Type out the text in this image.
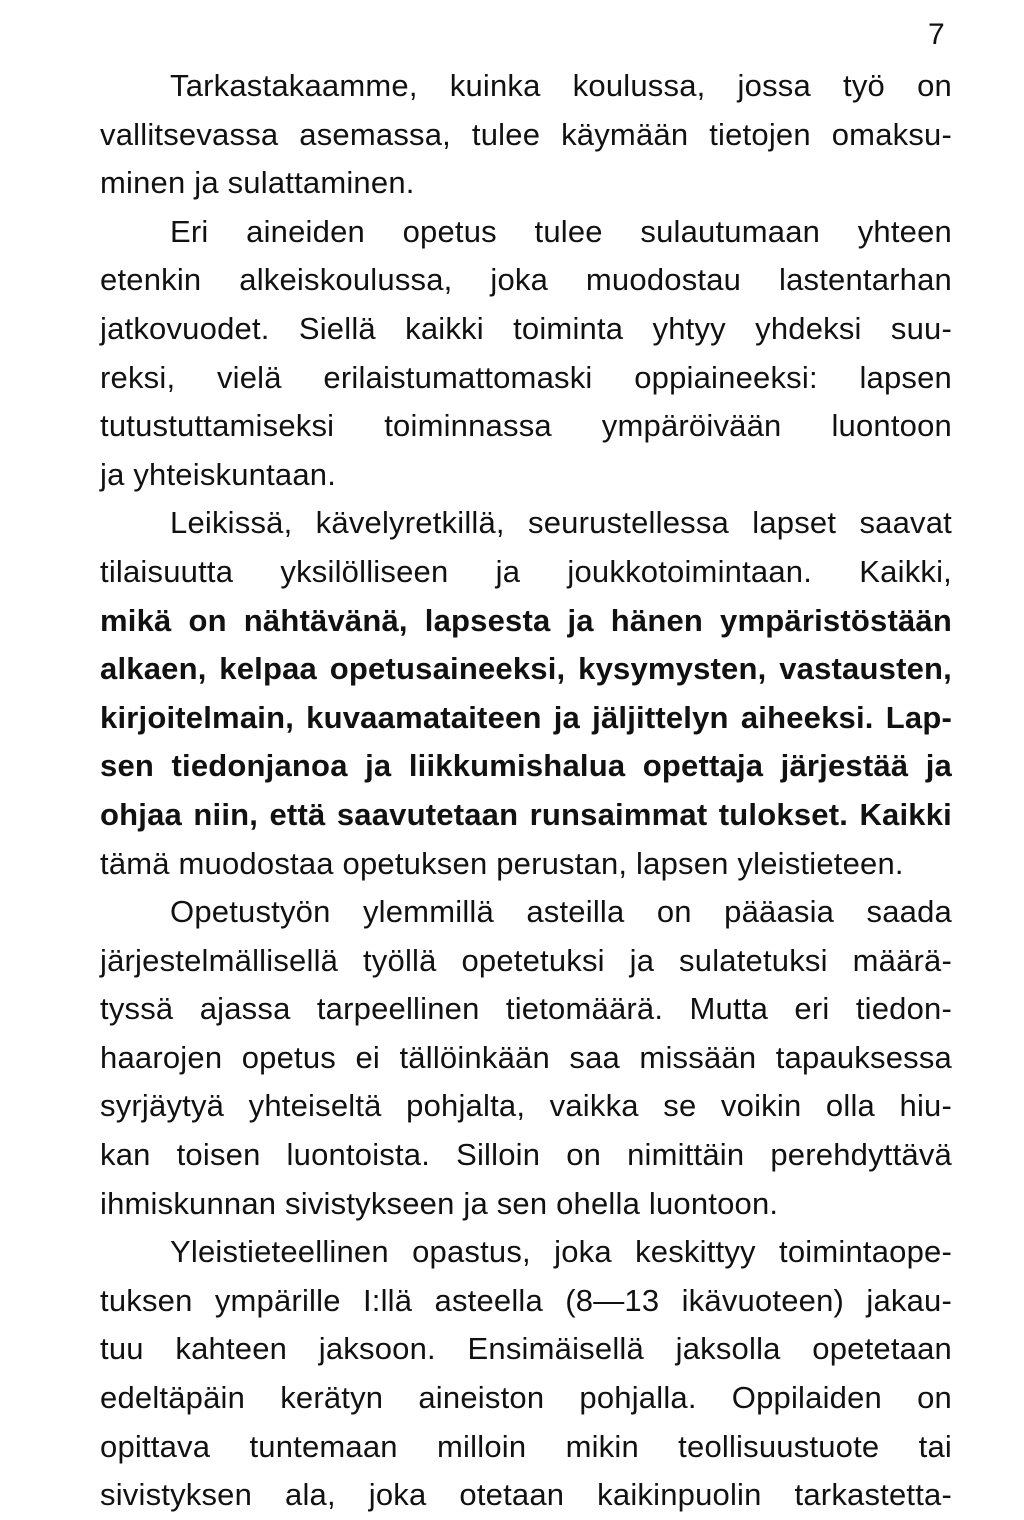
7
Tarkastakaamme, kuinka koulussa, jossa työ on
vallitsevassa asemassa, tulee käymään tietojen omaksu-
minen ja sulattaminen.
Eri aineiden opetus tulee sulautumaan yhteen
etenkin alkeiskoulussa, joka muodostau lastentarhan
jatkovuodet. Siellä kaikki toiminta yhtyy yhdeksi suu-
reksi, vielä erilaistumattomaski oppiaineeksi: lapsen
tutustuttamiseksi toiminnassa ympäröivään luontoon
ja yhteiskuntaan.
Leikissä, kävelyretkillä, seurustellessa lapset saavat
tilaisuutta yksilölliseen ja joukkotoimintaan. Kaikki,
mikä on nähtävänä, lapsesta ja hänen ympäristöstään
alkaen, kelpaa opetusaineeksi, kysymysten, vastausten,
kirjoitelmain, kuvaamataiteen ja jäljittelyn aiheeksi. Lap-
sen tiedonjanoa ja liikkumishalua opettaja järjestää ja
ohjaa niin, että saavutetaan runsaimmat tulokset. Kaikki
tämä muodostaa opetuksen perustan, lapsen yleistieteen.
Opetustyön ylemmillä asteilla on pääasia saada
järjestelmällisellä työllä opetetuksi ja sulatetuksi määrä-
tyssä ajassa tarpeellinen tietomäärä. Mutta eri tiedon-
haarojen opetus ei tällöinkään saa missään tapauksessa
syrjäytyä yhteiseltä pohjalta, vaikka se voikin olla hiu-
kan toisen luontoista. Silloin on nimittäin perehdyttävä
ihmiskunnan sivistykseen ja sen ohella luontoon.
Yleistieteellinen opastus, joka keskittyy toimintaope-
tuksen ympärille I:llä asteella (8—13 ikävuoteen) jakau-
tuu kahteen jaksoon. Ensimäisellä jaksolla opetetaan
edeltäpäin kerätyn aineiston pohjalla. Oppilaiden on
opittava tuntemaan milloin mikin teollisuustuote tai
sivistyksen ala, joka otetaan kaikinpuolin tarkastetta-
